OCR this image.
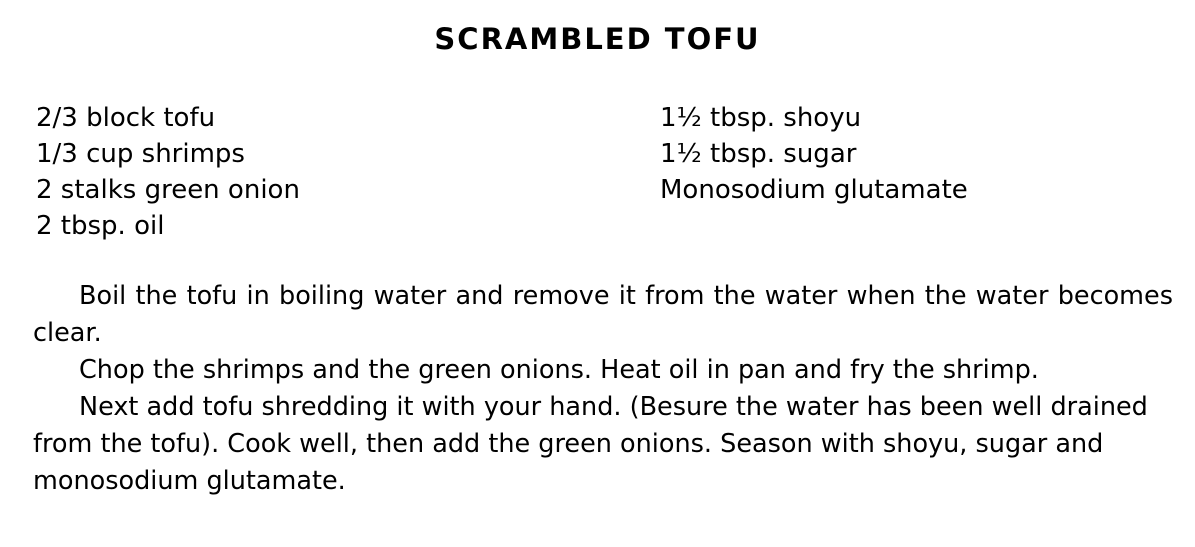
SCRAMBLED TOFU
2/3 block tofu
1/3 cup shrimps
2 stalks green onion
2 tbsp. oil
1½ tbsp. shoyu
1½ tbsp. sugar
Monosodium glutamate

Boil the tofu in boiling water and remove it from the water when the water becomes clear.

Chop the shrimps and the green onions. Heat oil in pan and fry the shrimp.

Next add tofu shredding it with your hand. (Besure the water has been well drained from the tofu). Cook well, then add the green onions. Season with shoyu, sugar and monosodium glutamate.
